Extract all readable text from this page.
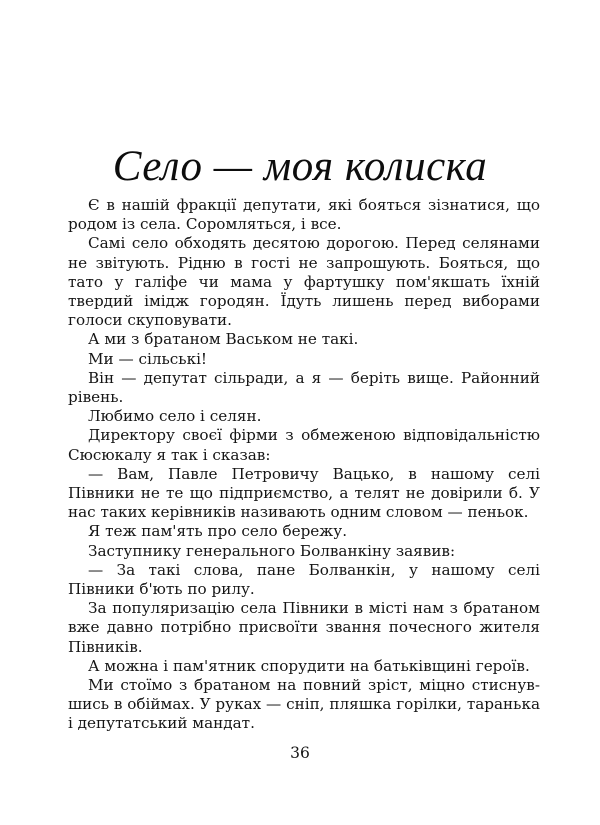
Село — моя колиска

Є в нашій фракції депутати, які бояться зізнатися, що родом із села. Соромляться, і все.

Самі село обходять десятою дорогою. Перед селянами не звітують. Рідню в гості не запрошують. Бояться, що тато у галіфе чи мама у фартушку пом'якшать їхній твердий імідж городян. Їдуть лишень перед виборами голоси скуповувати.

А ми з братаном Васьком не такі.

Ми — сільські!

Він — депутат сільради, а я — беріть вище. Районний рівень.

Любимо село і селян.

Директору своєї фірми з обмеженою відповідальністю Сюсюкалу я так і сказав:

— Вам, Павле Петровичу Вацько, в нашому селі Півники не те що підприємство, а телят не довірили б. У нас таких керівників називають одним словом — пеньок.

Я теж пам'ять про село бережу.

Заступнику генерального Болванкіну заявив:

— За такі слова, пане Болванкін, у нашому селі Півники б'ють по рилу.

За популяризацію села Півники в місті нам з братаном вже давно потрібно присвоїти звання почесного жителя Півників.

А можна і пам'ятник спорудити на батьківщині героїв.

Ми стоїмо з братаном на повний зріст, міцно стиснувшись в обіймах. У руках — сніп, пляшка горілки, таранька і депутатський мандат.

36
